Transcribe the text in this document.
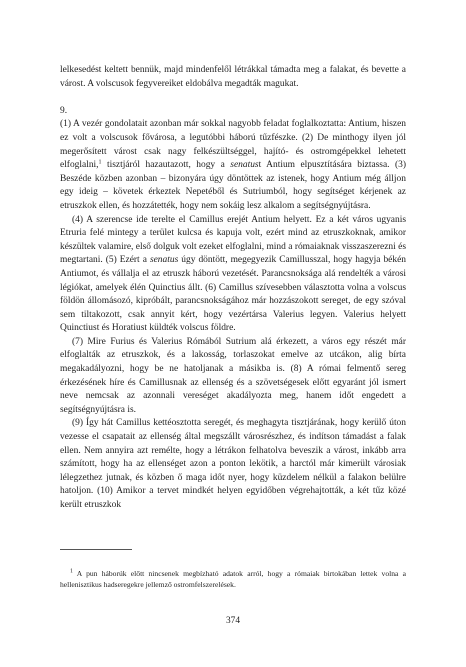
lelkesedést keltett bennük, majd mindenfelől létrákkal támadta meg a falakat, és bevette a várost. A volscusok fegyvereiket eldobálva megadták magukat.

9.

(1) A vezér gondolatait azonban már sokkal nagyobb feladat foglalkoztatta: Antium, hiszen ez volt a volscusok fővárosa, a legutóbbi háború tűzfészke. (2) De minthogy ilyen jól megerősített várost csak nagy felkészültséggel, hajító- és ostromgépekkel lehetett elfoglalni,$^1$ tisztjáról hazautazott, hogy a senatust Antium elpusztítására biztassa. (3) Beszéde közben azonban – bizonyára úgy döntöttek az istenek, hogy Antium még álljon egy ideig – követek érkeztek Nepetéből és Sutriumból, hogy segítséget kérjenek az etruszkok ellen, és hozzátették, hogy nem sokáig lesz alkalom a segítségnyújtásra.

(4) A szerencse ide terelte el Camillus erejét Antium helyett. Ez a két város ugyanis Etruria felé mintegy a terület kulcsa és kapuja volt, ezért mind az etruszkoknak, amikor készültek valamire, első dolguk volt ezeket elfoglalni, mind a rómaiaknak visszaszerezni és megtartani. (5) Ezért a senatus úgy döntött, megegyezik Camillusszal, hogy hagyja békén Antiumot, és vállalja el az etruszk háború vezetését. Parancsnoksága alá rendelték a városi légiókat, amelyek élén Quinctius állt. (6) Camillus szívesebben választotta volna a volscus földön állomásozó, kipróbált, parancsnokságához már hozzászokott sereget, de egy szóval sem tiltakozott, csak annyit kért, hogy vezértársa Valerius legyen. Valerius helyett Quinctiust és Horatiust küldték volscus földre.

(7) Mire Furius és Valerius Rómából Sutrium alá érkezett, a város egy részét már elfoglalták az etruszkok, és a lakosság, torlaszokat emelve az utcákon, alig bírta megakadályozni, hogy be ne hatoljanak a másikba is. (8) A római felmentő sereg érkezésének híre és Camillusnak az ellenség és a szövetségesek előtt egyaránt jól ismert neve nemcsak az azonnali vereséget akadályozta meg, hanem időt engedett a segítségnyújtásra is.

(9) Így hát Camillus kettéosztotta seregét, és meghagyta tisztjárának, hogy kerülő úton vezesse el csapatait az ellenség által megszállt városrészhez, és indítson támadást a falak ellen. Nem annyira azt remélte, hogy a létrákon felhatolva beveszik a várost, inkább arra számított, hogy ha az ellenséget azon a ponton lekötik, a harctól már kimerült városiak lélegzethez jutnak, és közben ő maga időt nyer, hogy küzdelem nélkül a falakon belülre hatoljon. (10) Amikor a tervet mindkét helyen egyidőben végrehajtották, a két tűz közé került etruszkok

$^1$ A pun háborúk előtt nincsenek megbízható adatok arról, hogy a rómaiak birtokában lettek volna a hellenisztikus hadseregekre jellemző ostromfelszerelések.

374
